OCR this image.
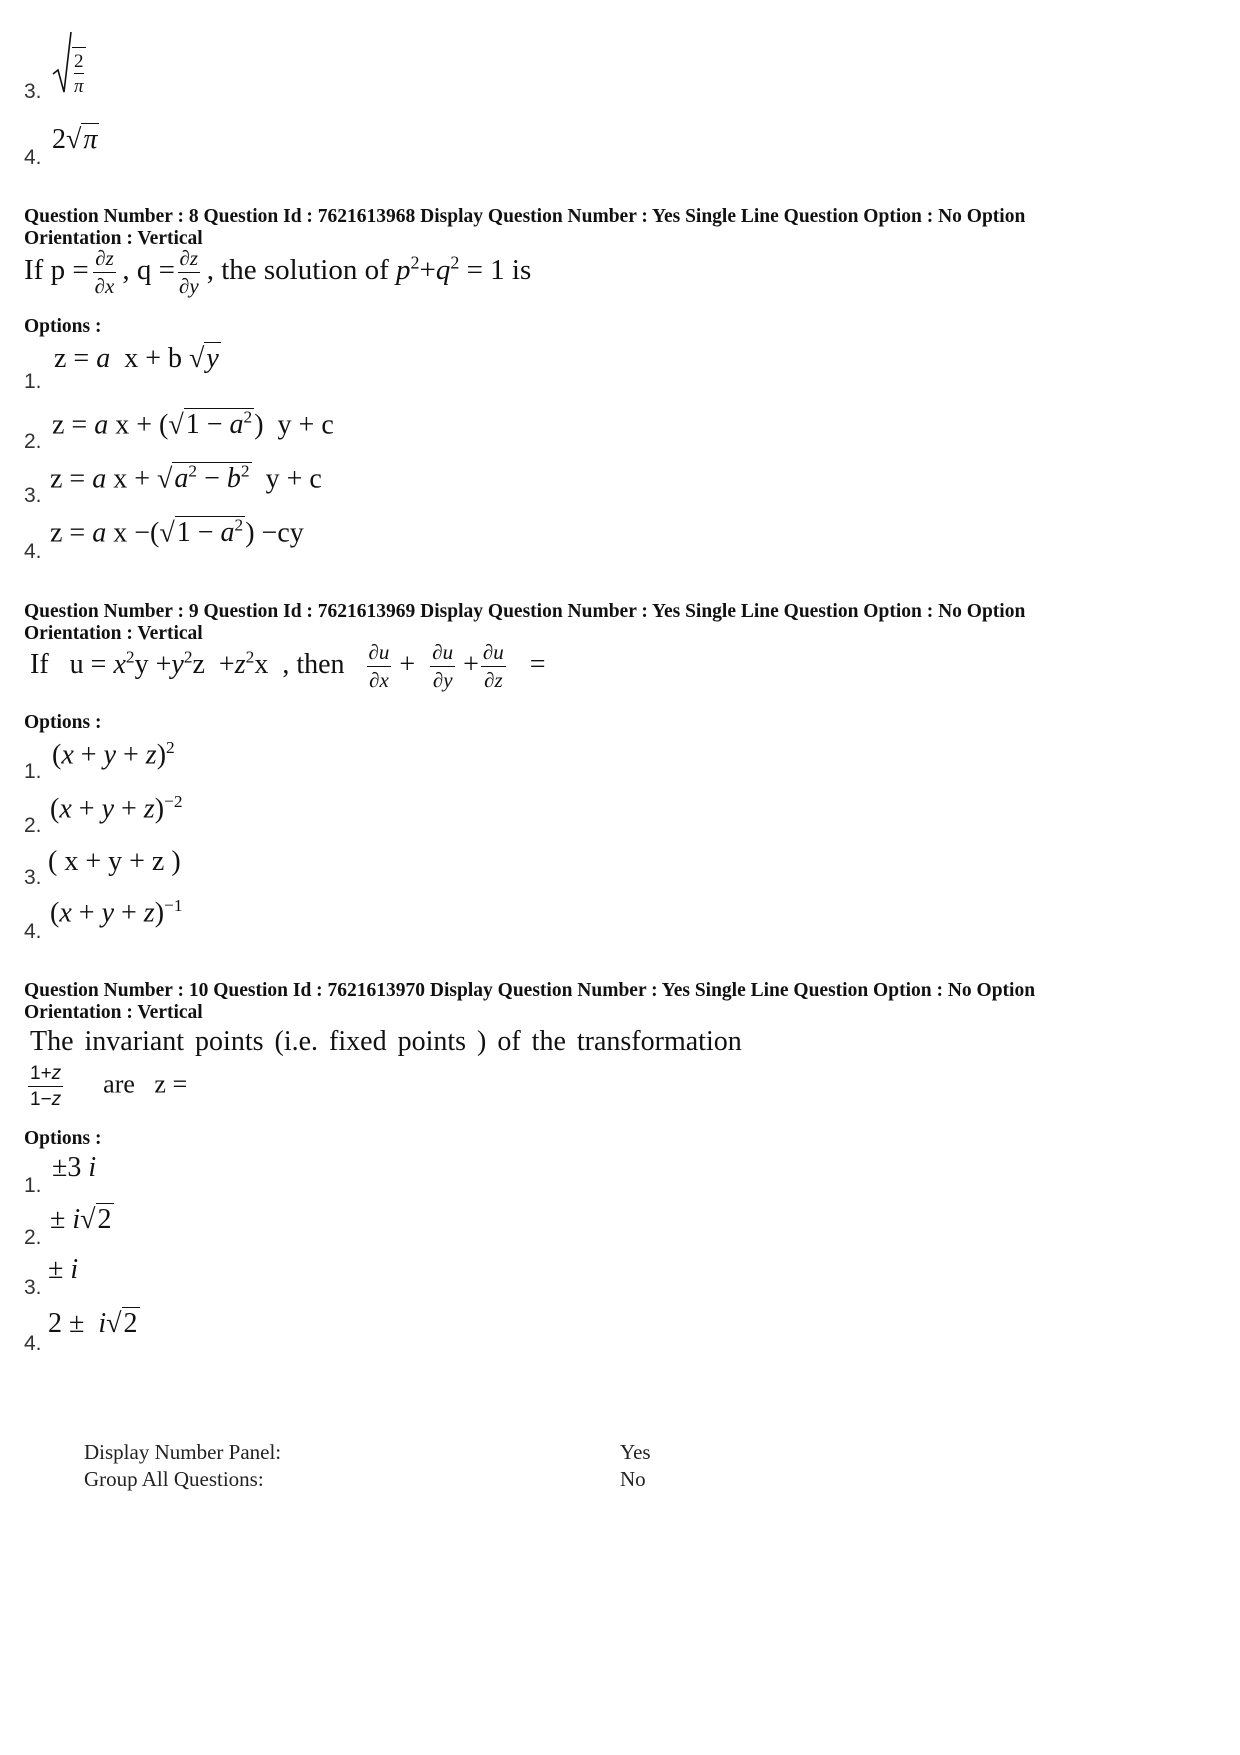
3.
2
π
4.
2√π
Question Number : 8 Question Id : 7621613968 Display Question Number : Yes Single Line Question Option : No Option
Orientation : Vertical
If $p = \frac{\partial z}{\partial x}$ , $q = \frac{\partial z}{\partial y}$ , the solution of $p^2+q^2 = 1$ is
Options :
1.
z = a  x + b √y
2.
z = a $x + (√1 - a^2)$  y + c
3.
z = a $x + √a^2 - b^2$  y + c
4.
z = a $x -(√1 - a^2) -cy$
Question Number : 9 Question Id : 7621613969 Display Question Number : Yes Single Line Question Option : No Option
Orientation : Vertical
If   $u = x^2y +y^2z +z^2x$  , then $\frac{\partial u}{\partial x} + \frac{\partial u}{\partial y} + \frac{\partial u}{\partial z}$ =
Options :
1.
$(x + y + z)^2$
2.
$(x + y + z)^{-2}$
3.
( x + y + z )
4.
$(x + y + z)^{-1}$
Question Number : 10 Question Id : 7621613970 Display Question Number : Yes Single Line Question Option : No Option
Orientation : Vertical
The invariant points (i.e. fixed points ) of the transformation
$\frac{1+z}{1-z}$ are   z =
Options :
1.
±3 i
2.
± i√2
3.
± i
4.
2 ±  i√2
Display Number Panel:	Yes
Group All Questions:	No
